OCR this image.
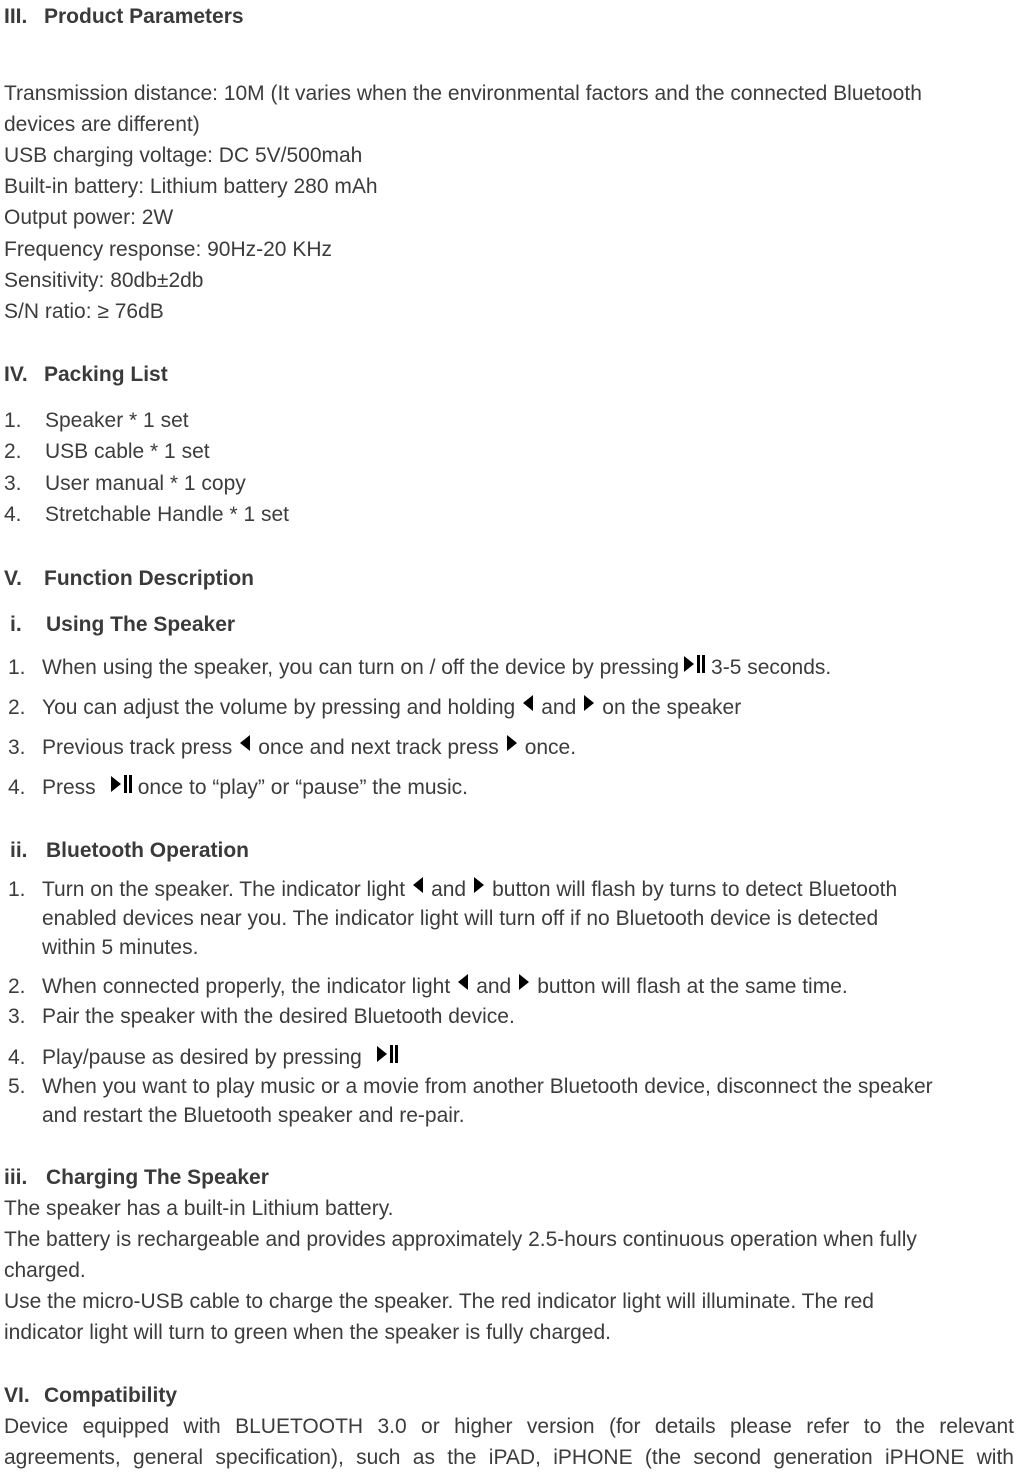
III. Product Parameters
Transmission distance: 10M (It varies when the environmental factors and the connected Bluetooth
devices are different)
USB charging voltage: DC 5V/500mah
Built-in battery: Lithium battery 280 mAh
Output power: 2W
Frequency response: 90Hz-20 KHz
Sensitivity: 80db±2db
S/N ratio: ≥ 76dB
IV. Packing List
1. Speaker * 1 set
2. USB cable * 1 set
3. User manual * 1 copy
4. Stretchable Handle * 1 set
V. Function Description
i. Using The Speaker
1. When using the speaker, you can turn on / off the device by pressing 3-5 seconds.
2. You can adjust the volume by pressing and holding and on the speaker
3. Previous track press once and next track press once.
4. Press once to “play” or “pause” the music.
ii. Bluetooth Operation
1. Turn on the speaker. The indicator light and button will flash by turns to detect Bluetooth
enabled devices near you. The indicator light will turn off if no Bluetooth device is detected
within 5 minutes.
2. When connected properly, the indicator light and button will flash at the same time.
3. Pair the speaker with the desired Bluetooth device.
4. Play/pause as desired by pressing
5. When you want to play music or a movie from another Bluetooth device, disconnect the speaker
and restart the Bluetooth speaker and re-pair.
iii. Charging The Speaker
The speaker has a built-in Lithium battery.
The battery is rechargeable and provides approximately 2.5-hours continuous operation when fully
charged.
Use the micro-USB cable to charge the speaker. The red indicator light will illuminate. The red
indicator light will turn to green when the speaker is fully charged.
VI. Compatibility
Device equipped with BLUETOOTH 3.0 or higher version (for details please refer to the relevant
agreements, general specification), such as the iPAD, iPHONE (the second generation iPHONE with
